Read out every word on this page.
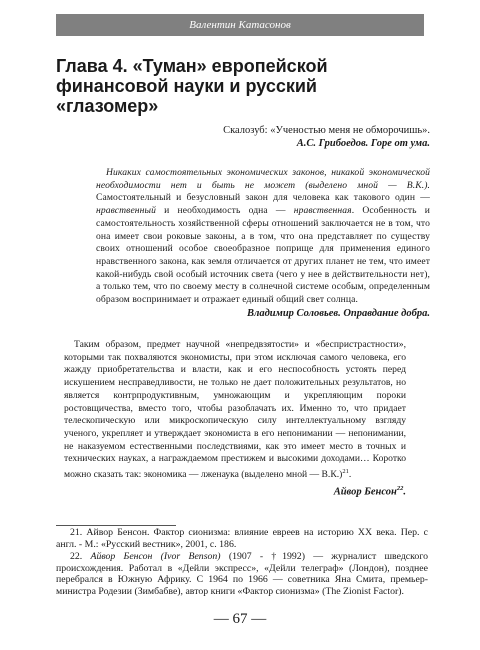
Валентин Катасонов
Глава 4. «Туман» европейской
финансовой науки и русский
«глазомер»

Скалозуб: «Ученостью меня не обморочишь».

А.С. Грибоедов. Горе от ума.

Никаких самостоятельных экономических законов, никакой экономической необходимости нет и быть не может (выделено мной — В.К.). Самостоятельный и безусловный закон для человека как такового один — нравственный и необходимость одна — нравственная. Особенность и самостоятельность хозяйственной сферы отношений заключается не в том, что она имеет свои роковые законы, а в том, что она представляет по существу своих отношений особое своеобразное поприще для применения единого нравственного закона, как земля отличается от других планет не тем, что имеет какой-нибудь свой особый источник света (чего у нее в действительности нет), а только тем, что по своему месту в солнечной системе особым, определенным образом воспринимает и отражает единый общий свет солнца.

Владимир Соловьев. Оправдание добра.

Таким образом, предмет научной «непредвзятости» и «беспристрастности», которыми так похваляются экономисты, при этом исключая самого человека, его жажду приобретательства и власти, как и его неспособность устоять перед искушением несправедливости, не только не дает положительных результатов, но является контрпродуктивным, умножающим и укрепляющим пороки ростовщичества, вместо того, чтобы разоблачать их. Именно то, что придает телескопическую или микроскопическую силу интеллектуальному взгляду ученого, укрепляет и утверждает экономиста в его непонимании — непонимании, не наказуемом естественными последствиями, как это имеет место в точных и технических науках, а награждаемом престижем и высокими доходами… Коротко можно сказать так: экономика — лженаука (выделено мной — В.К.)$^{21}$.

Айвор Бенсон$^{22}$.

21. Айвор Бенсон. Фактор сионизма: влияние евреев на историю XX века. Пер. с англ. - М.: «Русский вестник», 2001, с. 186.

22. Айвор Бенсон (Ivor Benson) (1907 - †1992) — журналист шведского происхождения. Работал в «Дейли экспресс», «Дейли телеграф» (Лондон), позднее перебрался в Южную Африку. С 1964 по 1966 — советника Яна Смита, премьер-министра Родезии (Зимбабве), автор книги «Фактор сионизма» (The Zionist Factor).

— 67 —
